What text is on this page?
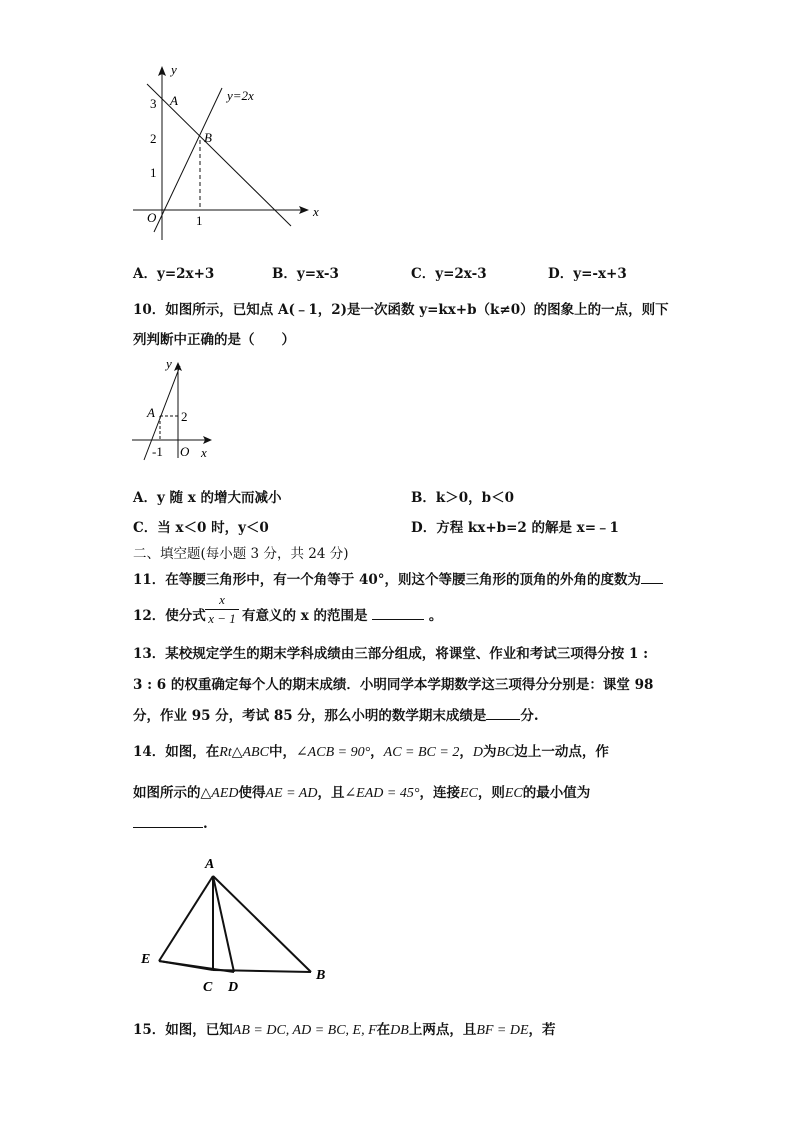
y
x
O
3
2
1
1
A
B
y=2x
A．y=2x+3	B．y=x-3	C．y=2x-3	D．y=-x+3
10．如图所示，已知点 A(﹣1，2)是一次函数 y=kx+b（k≠0）的图象上的一点，则下
列判断中正确的是（　　）
y
x
O
A 2
-1
A．y 随 x 的增大而减小	B．k＞0，b＜0
C．当 x＜0 时，y＜0	D．方程 kx+b=2 的解是 x=﹣1
二、填空题(每小题 3 分，共 24 分)
11．在等腰三角形中，有一个角等于 40°，则这个等腰三角形的顶角的外角的度数为
12．使分式
x
x − 1 有意义的 x 的范围是	。
13．某校规定学生的期末学科成绩由三部分组成，将课堂、作业和考试三项得分按 1 :
3 : 6 的权重确定每个人的期末成绩．小明同学本学期数学这三项得分分别是：课堂 98
分，作业 95 分，考试 85 分，那么小明的数学期末成绩是	分.
14．如图，在Rt△ABC中，∠ACB = 90°，AC = BC = 2，D为BC边上一动点，作
如图所示的△AED使得AE = AD，且∠EAD = 45°，连接EC，则EC的最小值为
.
A
B
C D
E
15．如图，已知AB = DC, AD = BC, E, F在DB上两点，且BF = DE，若
